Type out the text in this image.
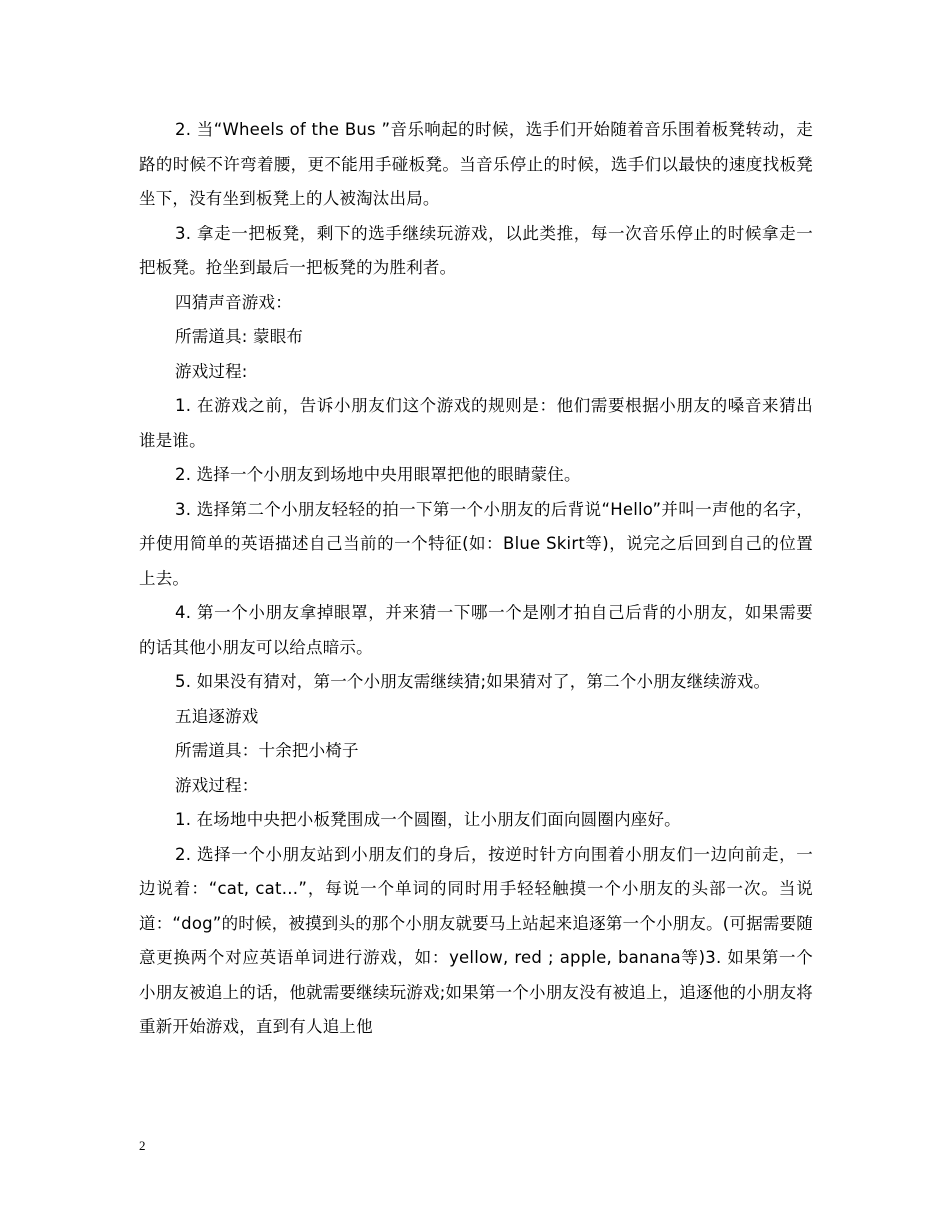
2. 当“Wheels of the Bus ”音乐响起的时候，选手们开始随着音乐围着板凳转动，走路的时候不许弯着腰，更不能用手碰板凳。当音乐停止的时候，选手们以最快的速度找板凳坐下，没有坐到板凳上的人被淘汰出局。

3. 拿走一把板凳，剩下的选手继续玩游戏，以此类推，每一次音乐停止的时候拿走一把板凳。抢坐到最后一把板凳的为胜利者。

四猜声音游戏：

所需道具: 蒙眼布

游戏过程:

1. 在游戏之前，告诉小朋友们这个游戏的规则是：他们需要根据小朋友的嗓音来猜出谁是谁。

2. 选择一个小朋友到场地中央用眼罩把他的眼睛蒙住。

3. 选择第二个小朋友轻轻的拍一下第一个小朋友的后背说“Hello”并叫一声他的名字，并使用简单的英语描述自己当前的一个特征(如：Blue Skirt等)，说完之后回到自己的位置上去。

4. 第一个小朋友拿掉眼罩，并来猜一下哪一个是刚才拍自己后背的小朋友，如果需要的话其他小朋友可以给点暗示。

5. 如果没有猜对，第一个小朋友需继续猜;如果猜对了，第二个小朋友继续游戏。

五追逐游戏

所需道具：十余把小椅子

游戏过程：

1. 在场地中央把小板凳围成一个圆圈，让小朋友们面向圆圈内座好。

2. 选择一个小朋友站到小朋友们的身后，按逆时针方向围着小朋友们一边向前走，一边说着：“cat, cat…”，每说一个单词的同时用手轻轻触摸一个小朋友的头部一次。当说道：“dog”的时候，被摸到头的那个小朋友就要马上站起来追逐第一个小朋友。(可据需要随意更换两个对应英语单词进行游戏，如：yellow, red ; apple, banana等)3. 如果第一个小朋友被追上的话，他就需要继续玩游戏;如果第一个小朋友没有被追上，追逐他的小朋友将重新开始游戏，直到有人追上他

2
